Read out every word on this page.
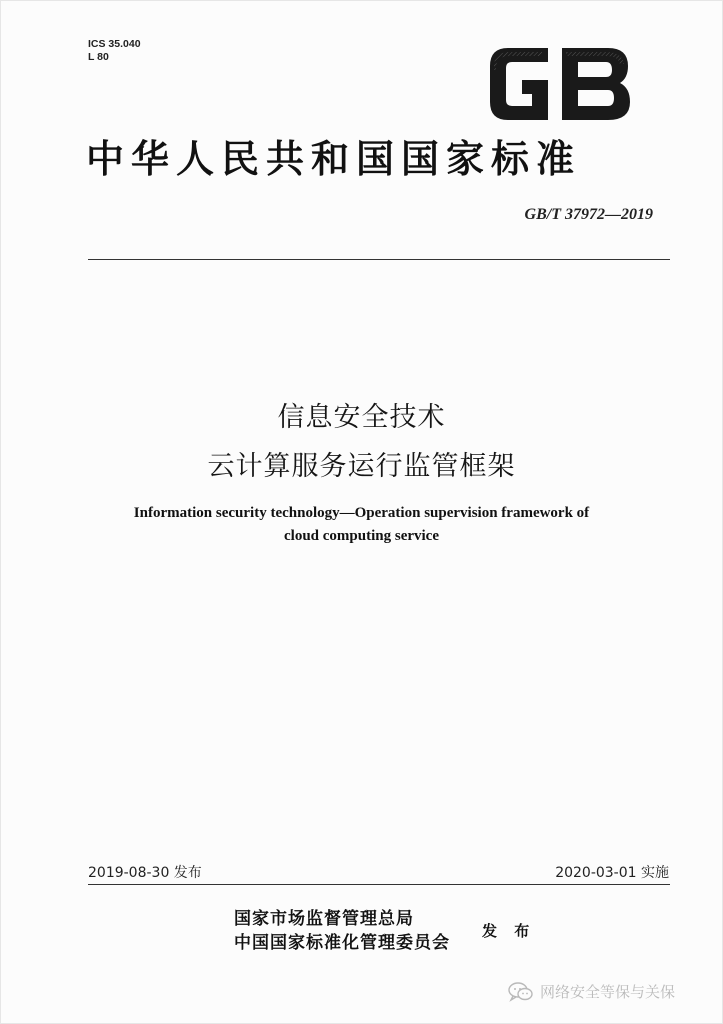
ICS 35.040
L 80
中华人民共和国国家标准
GB/T 37972—2019
信息安全技术
云计算服务运行监管框架
Information security technology—Operation supervision framework of
cloud computing service
2019-08-30 发布	2020-03-01 实施
国家市场监督管理总局
中国国家标准化管理委员会
发 布
网络安全等保与关保
